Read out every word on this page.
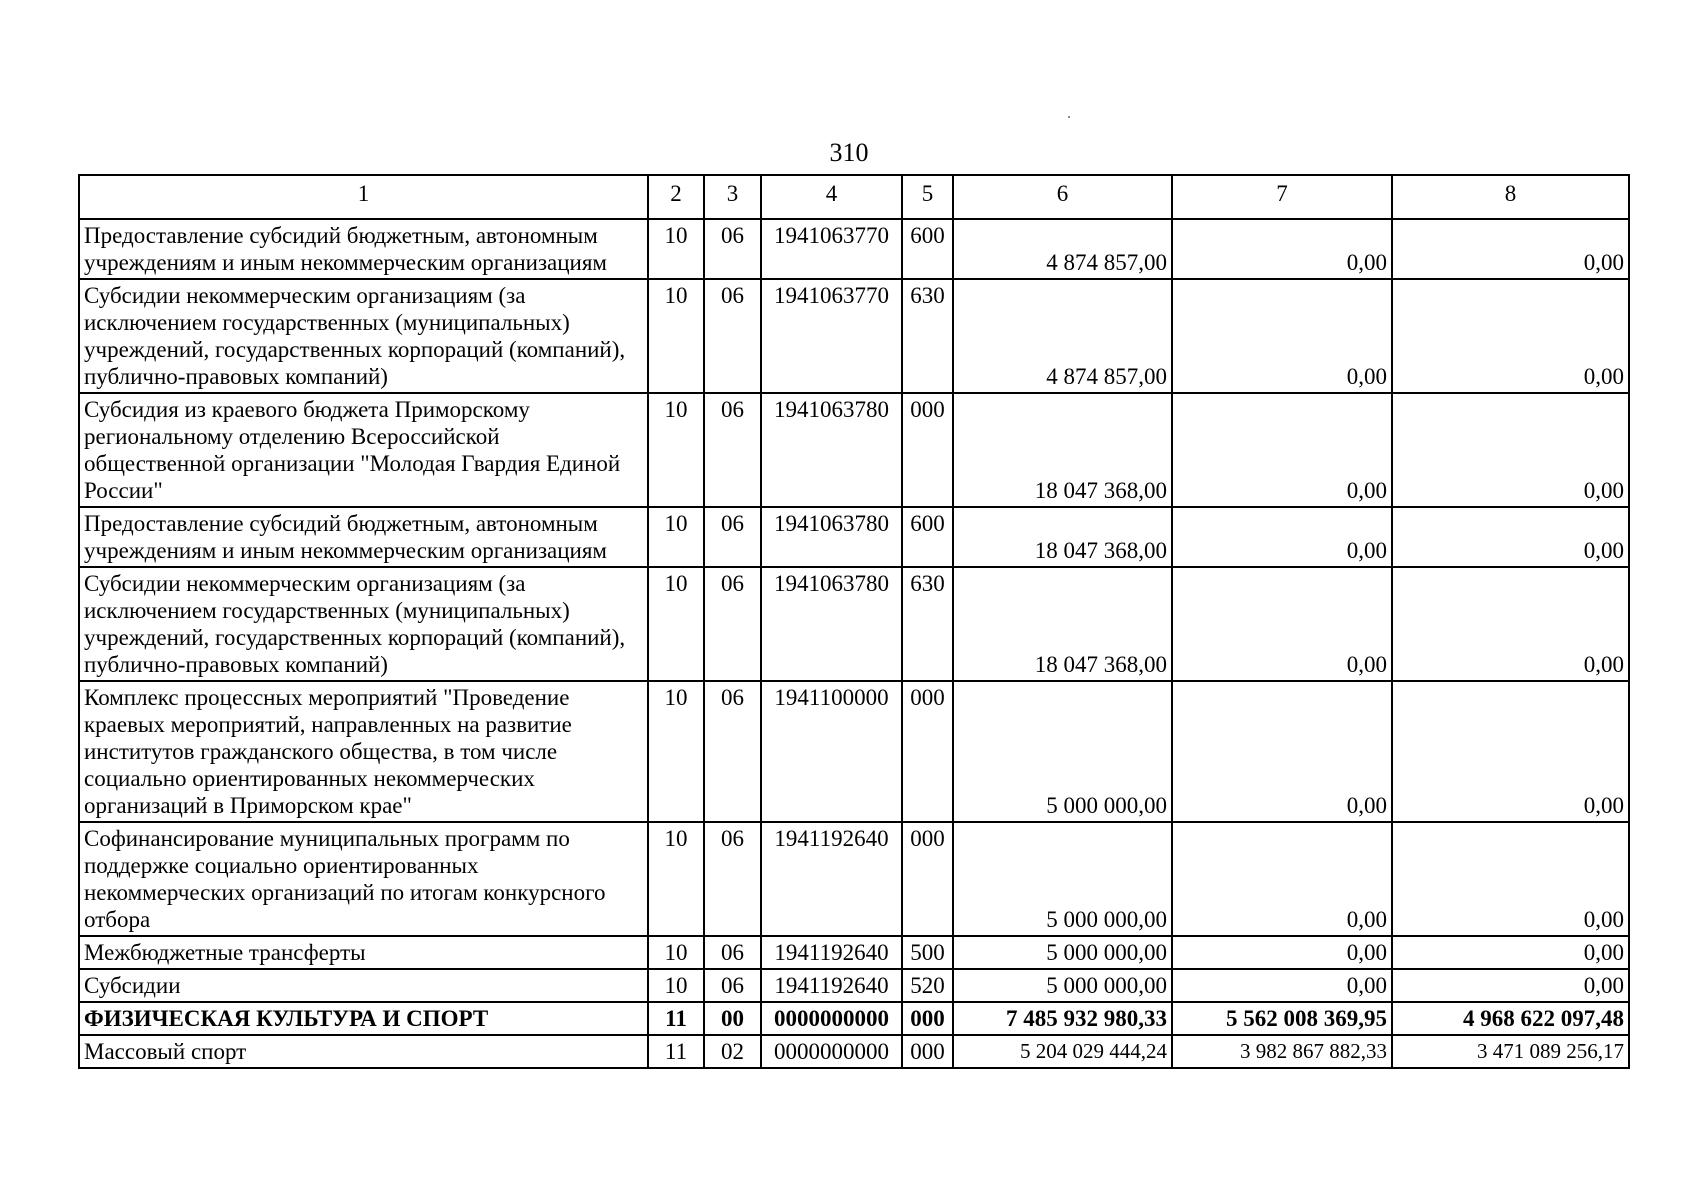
310
1	2	3	4	5	6	7	8
Предоставление субсидий бюджетным, автономным учреждениям и иным некоммерческим организациям	10	06	1941063770	600	4 874 857,00	0,00	0,00
Субсидии некоммерческим организациям (за исключением государственных (муниципальных) учреждений, государственных корпораций (компаний), публично-правовых компаний)	10	06	1941063770	630	4 874 857,00	0,00	0,00
Субсидия из краевого бюджета Приморскому региональному отделению Всероссийской общественной организации "Молодая Гвардия Единой России"	10	06	1941063780	000	18 047 368,00	0,00	0,00
Предоставление субсидий бюджетным, автономным учреждениям и иным некоммерческим организациям	10	06	1941063780	600	18 047 368,00	0,00	0,00
Субсидии некоммерческим организациям (за исключением государственных (муниципальных) учреждений, государственных корпораций (компаний), публично-правовых компаний)	10	06	1941063780	630	18 047 368,00	0,00	0,00
Комплекс процессных мероприятий "Проведение краевых мероприятий, направленных на развитие институтов гражданского общества, в том числе социально ориентированных некоммерческих организаций в Приморском крае"	10	06	1941100000	000	5 000 000,00	0,00	0,00
Софинансирование муниципальных программ по поддержке социально ориентированных некоммерческих организаций по итогам конкурсного отбора	10	06	1941192640	000	5 000 000,00	0,00	0,00
Межбюджетные трансферты	10	06	1941192640	500	5 000 000,00	0,00	0,00
Субсидии	10	06	1941192640	520	5 000 000,00	0,00	0,00
ФИЗИЧЕСКАЯ КУЛЬТУРА И СПОРТ	11	00	0000000000	000	7 485 932 980,33	5 562 008 369,95	4 968 622 097,48
Массовый спорт	11	02	0000000000	000	5 204 029 444,24	3 982 867 882,33	3 471 089 256,17
